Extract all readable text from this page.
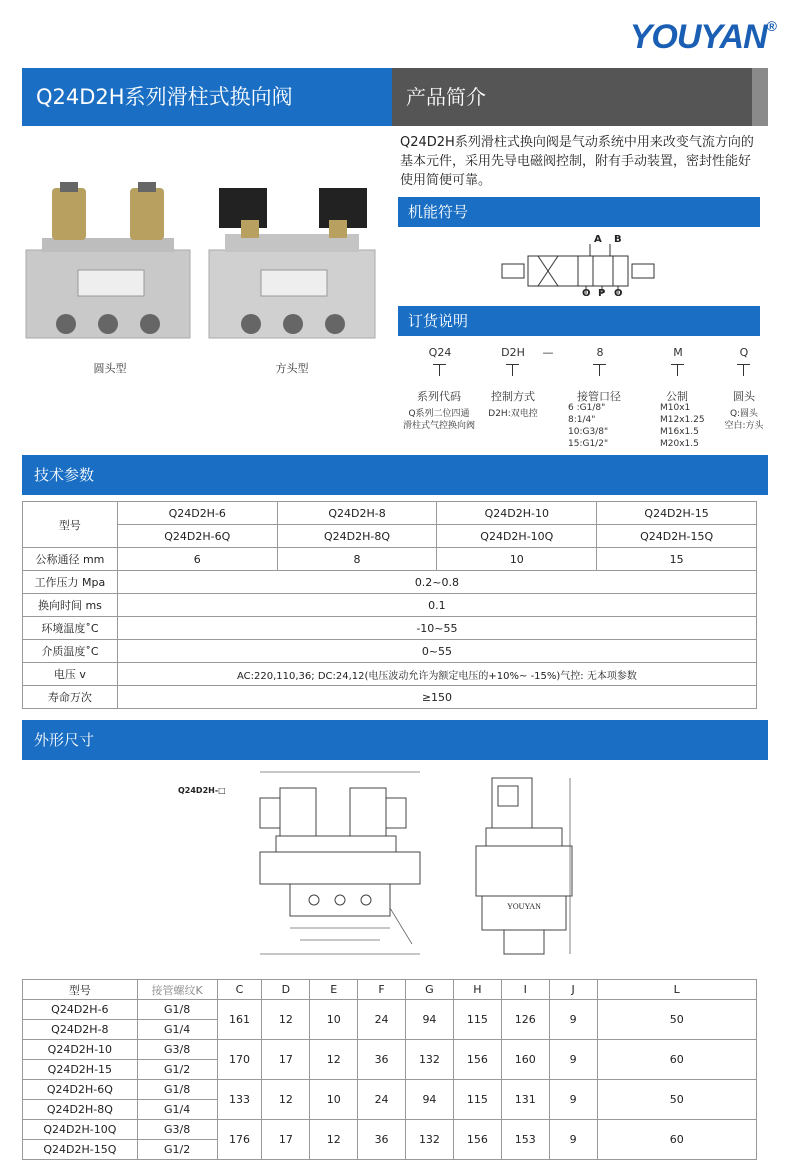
YOUYAN®
Q24D2H系列滑柱式换向阀	产品简介
Q24D2H系列滑柱式换向阀是气动系统中用来改变气流方向的基本元件，采用先导电磁阀控制，附有手动装置，密封性能好使用简便可靠。
圆头型	方头型
机能符号
A B
O P O
订货说明
Q24	D2H	—	8	M	Q
系列代码	控制方式	接管口径	公制	圆头
Q系列二位四通
滑柱式气控换向阀
D2H:双电控
6 :G1/8"
8:1/4"
10:G3/8"
15:G1/2"
M10x1
M12x1.25
M16x1.5
M20x1.5
Q:圆头
空白:方头
技术参数
型号	Q24D2H-6	Q24D2H-8	Q24D2H-10	Q24D2H-15
	Q24D2H-6Q	Q24D2H-8Q	Q24D2H-10Q	Q24D2H-15Q
公称通径 mm	6	8	10	15
工作压力 Mpa	0.2~0.8			
换向时间 ms	0.1			
环境温度˚C	-10~55			
介质温度˚C	0~55			
电压 v	AC:220,110,36; DC:24,12(电压波动允许为额定电压的+10%~ -15%)气控: 无本项参数			
寿命万次	≥150			
外形尺寸
Q24D2H-□
YOUYAN
型号	接管螺纹K	C	D	E	F	G	H	I	J	L
Q24D2H-6	G1/8	161	12	10	24	94	115	126	9	50
Q24D2H-8	G1/4									
Q24D2H-10	G3/8	170	17	12	36	132	156	160	9	60
Q24D2H-15	G1/2									
Q24D2H-6Q	G1/8	133	12	10	24	94	115	131	9	50
Q24D2H-8Q	G1/4									
Q24D2H-10Q	G3/8	176	17	12	36	132	156	153	9	60
Q24D2H-15Q	G1/2									
